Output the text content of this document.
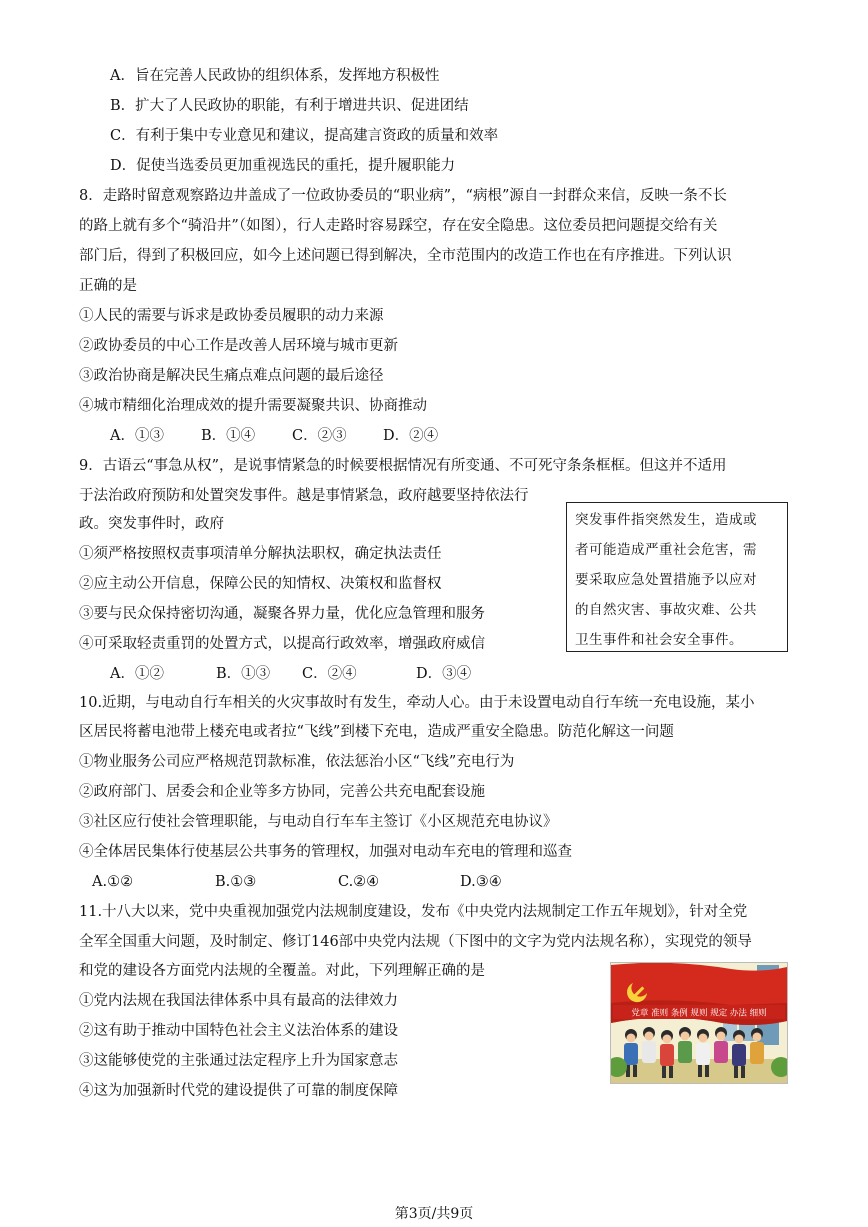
A．旨在完善人民政协的组织体系，发挥地方积极性
B．扩大了人民政协的职能，有利于增进共识、促进团结
C．有利于集中专业意见和建议，提高建言资政的质量和效率
D．促使当选委员更加重视选民的重托，提升履职能力
8．走路时留意观察路边井盖成了一位政协委员的“职业病”，“病根”源自一封群众来信，反映一条不长
的路上就有多个“骑沿井”（如图），行人走路时容易踩空，存在安全隐患。这位委员把问题提交给有关
部门后，得到了积极回应，如今上述问题已得到解决，全市范围内的改造工作也在有序推进。下列认识
正确的是
①人民的需要与诉求是政协委员履职的动力来源
②政协委员的中心工作是改善人居环境与城市更新
③政治协商是解决民生痛点难点问题的最后途径
④城市精细化治理成效的提升需要凝聚共识、协商推动
A．①③	B．①④	C．②③	D．②④
9．古语云“事急从权”，是说事情紧急的时候要根据情况有所变通、不可死守条条框框。但这并不适用
于法治政府预防和处置突发事件。越是事情紧急，政府越要坚持依法行
政。突发事件时，政府
①须严格按照权责事项清单分解执法职权，确定执法责任
②应主动公开信息，保障公民的知情权、决策权和监督权
③要与民众保持密切沟通，凝聚各界力量，优化应急管理和服务
④可采取轻责重罚的处置方式，以提高行政效率，增强政府威信
A．①②	B．①③ C．②④	D．③④
突发事件指突然发生，造成或
者可能造成严重社会危害，需
要采取应急处置措施予以应对
的自然灾害、事故灾难、公共
卫生事件和社会安全事件。
10.近期，与电动自行车相关的火灾事故时有发生，牵动人心。由于未设置电动自行车统一充电设施，某小
区居民将蓄电池带上楼充电或者拉“飞线”到楼下充电，造成严重安全隐患。防范化解这一问题
①物业服务公司应严格规范罚款标准，依法惩治小区“飞线”充电行为
②政府部门、居委会和企业等多方协同，完善公共充电配套设施
③社区应行使社会管理职能，与电动自行车车主签订《小区规范充电协议》
④全体居民集体行使基层公共事务的管理权，加强对电动车充电的管理和巡查
A.①②	B.①③	C.②④	D.③④
11.十八大以来，党中央重视加强党内法规制度建设，发布《中央党内法规制定工作五年规划》，针对全党
全军全国重大问题，及时制定、修订146部中央党内法规（下图中的文字为党内法规名称），实现党的领导
和党的建设各方面党内法规的全覆盖。对此，下列理解正确的是
①党内法规在我国法律体系中具有最高的法律效力
②这有助于推动中国特色社会主义法治体系的建设
③这能够使党的主张通过法定程序上升为国家意志
④这为加强新时代党的建设提供了可靠的制度保障
党章 准则 条例 规则 规定 办法 细则
第3页/共9页
